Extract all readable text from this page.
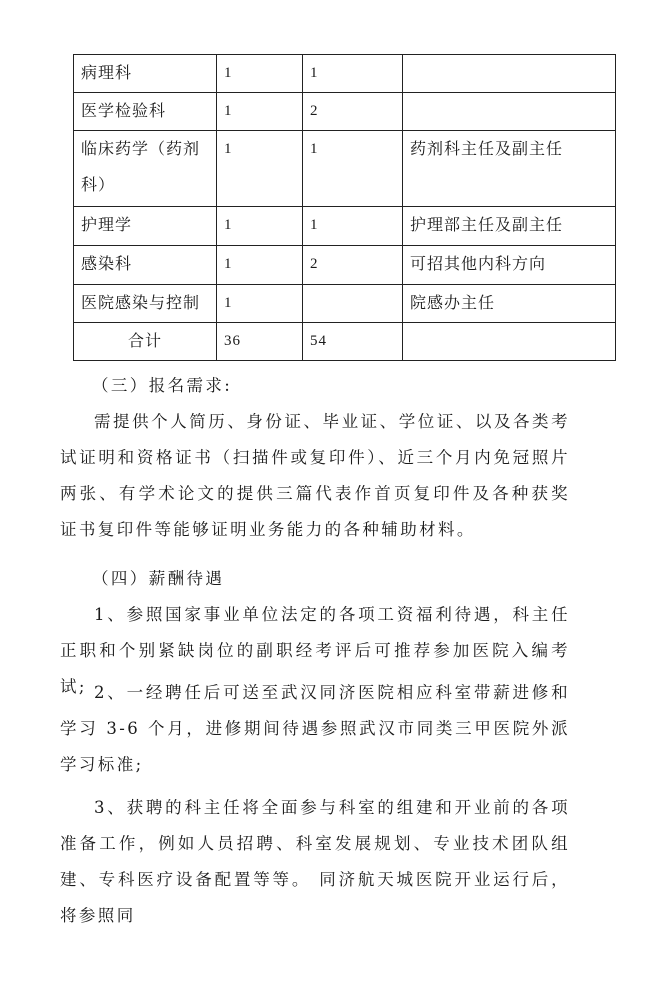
病理科	1	1	
医学检验科	1	2	
临床药学（药剂科）	1	1	药剂科主任及副主任
护理学	1	1	护理部主任及副主任
感染科	1	2	可招其他内科方向
医院感染与控制	1		院感办主任
合计	36	54	
（三）报名需求:
需提供个人简历、身份证、毕业证、学位证、以及各类考试证明和资格证书（扫描件或复印件）、近三个月内免冠照片两张、有学术论文的提供三篇代表作首页复印件及各种获奖证书复印件等能够证明业务能力的各种辅助材料。
（四）薪酬待遇
1、参照国家事业单位法定的各项工资福利待遇，科主任正职和个别紧缺岗位的副职经考评后可推荐参加医院入编考试; 2、一经聘任后可送至武汉同济医院相应科室带薪进修和学习 3-6 个月，进修期间待遇参照武汉市同类三甲医院外派学习标准;
3、获聘的科主任将全面参与科室的组建和开业前的各项准备工作，例如人员招聘、科室发展规划、专业技术团队组建、专科医疗设备配置等等。 同济航天城医院开业运行后，将参照同
